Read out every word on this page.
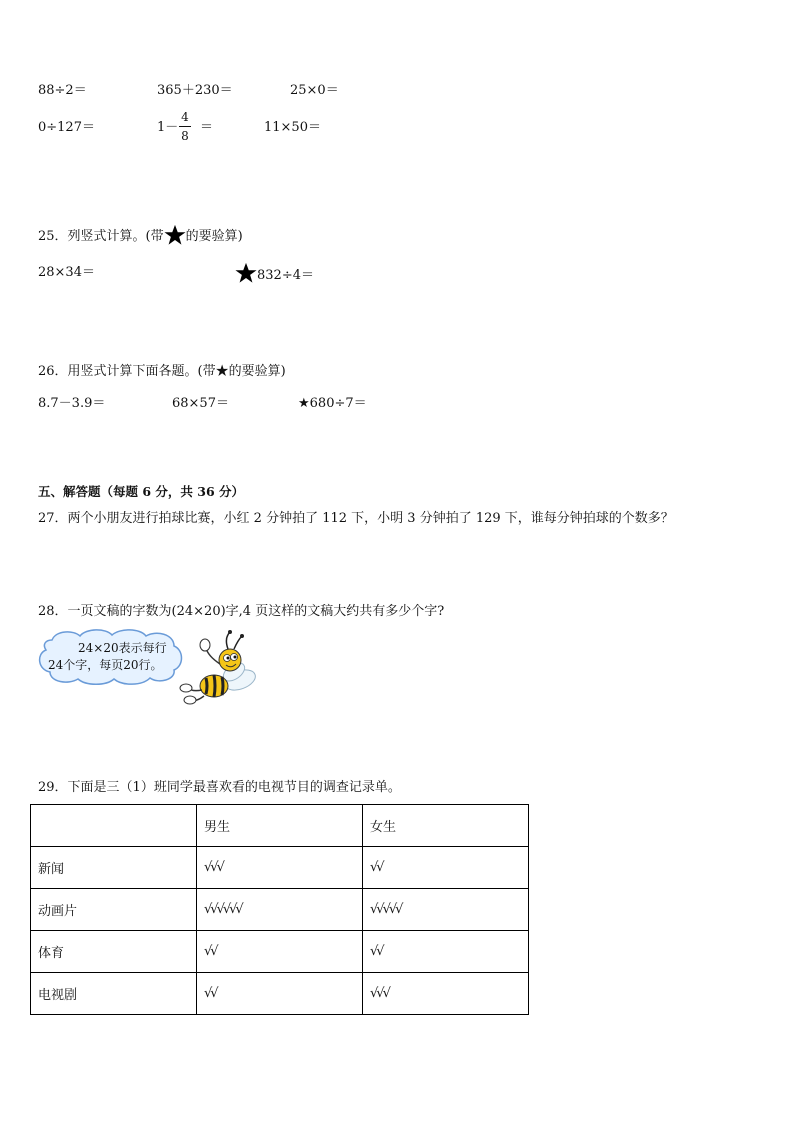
88÷2＝	365＋230＝	25×0＝
0÷127＝	1－
4
8
＝	11×50＝
25．列竖式计算。(带 的要验算)
28×34＝	832÷4＝
26．用竖式计算下面各题。(带★的要验算)
8.7－3.9＝	68×57＝	★680÷7＝
五、解答题（每题 6 分，共 36 分）
27．两个小朋友进行拍球比赛，小红 2 分钟拍了 112 下，小明 3 分钟拍了 129 下，谁每分钟拍球的个数多？
28．一页文稿的字数为(24×20)字,4 页这样的文稿大约共有多少个字?
24×20表示每行
24个字，每页20行。
29．下面是三（1）班同学最喜欢看的电视节目的调查记录单。
	男生	女生
新闻	√√√	√√
动画片	√√√√√√	√√√√√
体育	√√	√√
电视剧	√√	√√√
